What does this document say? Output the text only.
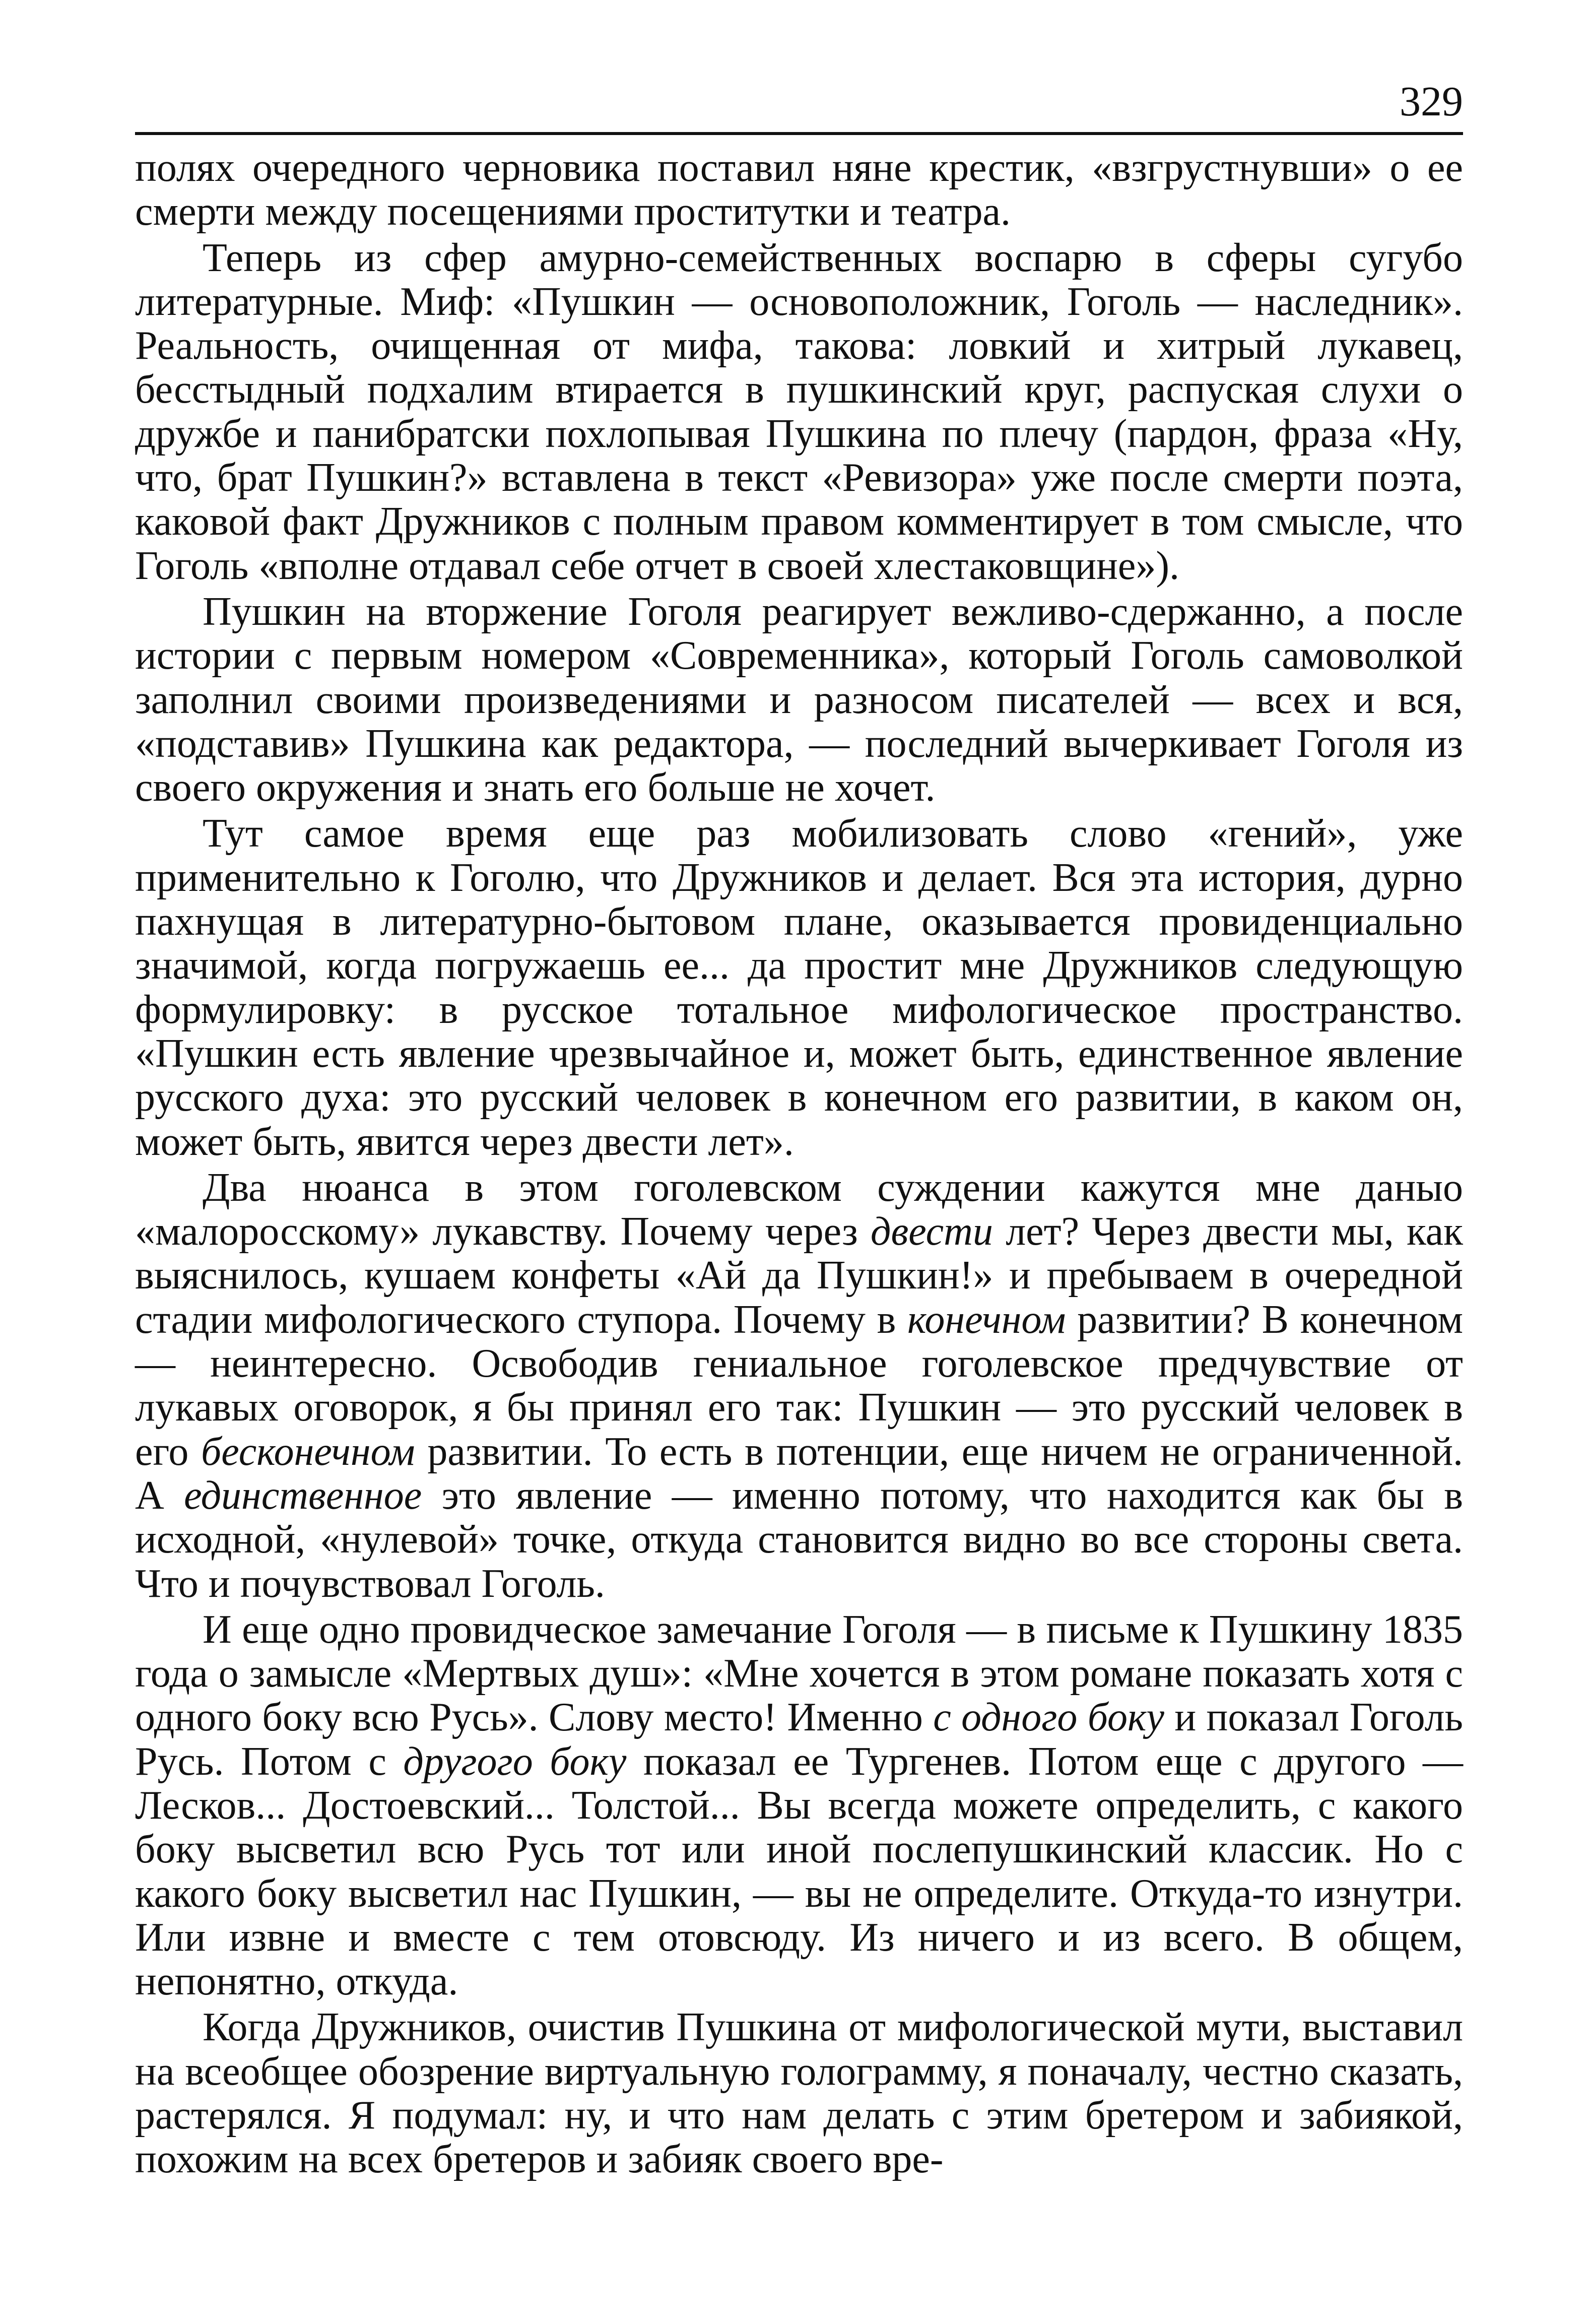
329

полях очередного черновика поставил няне крестик, «взгрустнувши» о ее смерти между посещениями проститутки и театра.

Теперь из сфер амурно-семейственных воспарю в сферы сугубо литературные. Миф: «Пушкин — основоположник, Гоголь — наследник». Реальность, очищенная от мифа, такова: ловкий и хитрый лукавец, бесстыдный подхалим втирается в пушкинский круг, распуская слухи о дружбе и панибратски похлопывая Пушкина по плечу (пардон, фраза «Ну, что, брат Пушкин?» вставлена в текст «Ревизора» уже после смерти поэта, каковой факт Дружников с полным правом комментирует в том смысле, что Гоголь «вполне отдавал себе отчет в своей хлестаковщине»).

Пушкин на вторжение Гоголя реагирует вежливо-сдержанно, а после истории с первым номером «Современника», который Гоголь самоволкой заполнил своими произведениями и разносом писателей — всех и вся, «подставив» Пушкина как редактора, — последний вычеркивает Гоголя из своего окружения и знать его больше не хочет.

Тут самое время еще раз мобилизовать слово «гений», уже применительно к Гоголю, что Дружников и делает. Вся эта история, дурно пахнущая в литературно-бытовом плане, оказывается провиденциально значимой, когда погружаешь ее... да простит мне Дружников следующую формулировку: в русское тотальное мифологическое пространство. «Пушкин есть явление чрезвычайное и, может быть, единственное явление русского духа: это русский человек в конечном его развитии, в каком он, может быть, явится через двести лет».

Два нюанса в этом гоголевском суждении кажутся мне даныо «малоросскому» лукавству. Почему через двести лет? Через двести мы, как выяснилось, кушаем конфеты «Ай да Пушкин!» и пребываем в очередной стадии мифологического ступора. Почему в конечном развитии? В конечном — неинтересно. Освободив гениальное гоголевское предчувствие от лукавых оговорок, я бы принял его так: Пушкин — это русский человек в его бесконечном развитии. То есть в потенции, еще ничем не ограниченной. А единственное это явление — именно потому, что находится как бы в исходной, «нулевой» точке, откуда становится видно во все стороны света. Что и почувствовал Гоголь.

И еще одно провидческое замечание Гоголя — в письме к Пушкину 1835 года о замысле «Мертвых душ»: «Мне хочется в этом романе показать хотя с одного боку всю Русь». Слову место! Именно с одного боку и показал Гоголь Русь. Потом с другого боку показал ее Тургенев. Потом еще с другого — Лесков... Достоевский... Толстой... Вы всегда можете определить, с какого боку высветил всю Русь тот или иной послепушкинский классик. Но с какого боку высветил нас Пушкин, — вы не определите. Откуда-то изнутри. Или извне и вместе с тем отовсюду. Из ничего и из всего. В общем, непонятно, откуда.

Когда Дружников, очистив Пушкина от мифологической мути, выставил на всеобщее обозрение виртуальную голограмму, я поначалу, честно сказать, растерялся. Я подумал: ну, и что нам делать с этим бретером и забиякой, похожим на всех бретеров и забияк своего вре-
